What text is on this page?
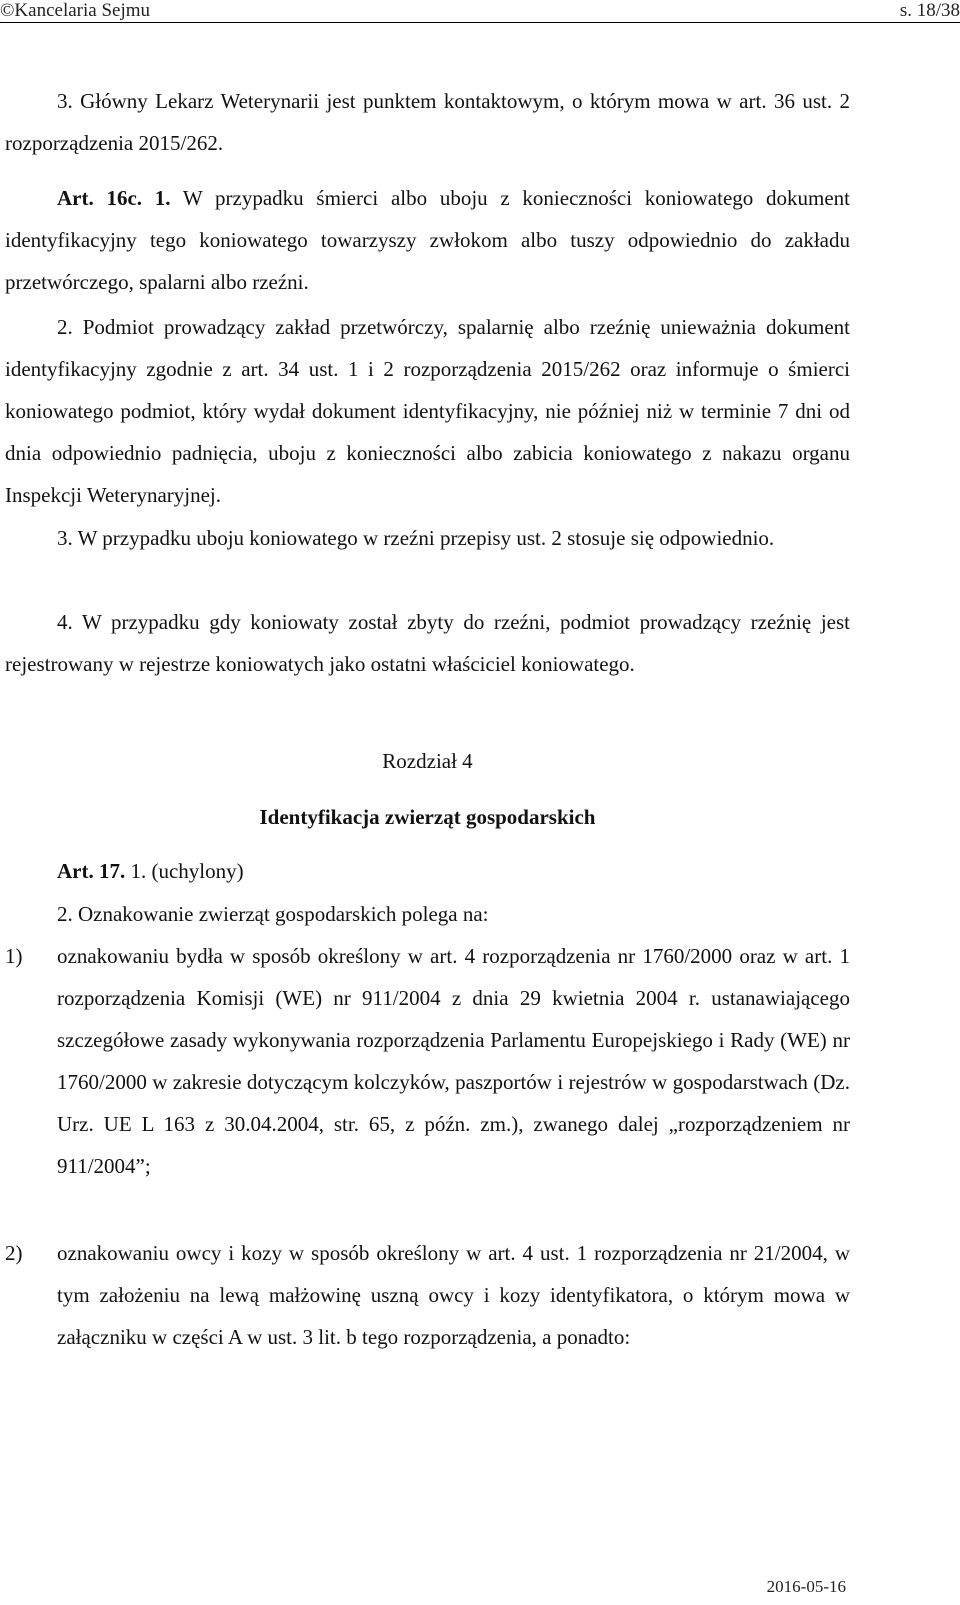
©Kancelaria Sejmu	s. 18/38

3. Główny Lekarz Weterynarii jest punktem kontaktowym, o którym mowa w art. 36 ust. 2 rozporządzenia 2015/262.

Art. 16c. 1. W przypadku śmierci albo uboju z konieczności koniowatego dokument identyfikacyjny tego koniowatego towarzyszy zwłokom albo tuszy odpowiednio do zakładu przetwórczego, spalarni albo rzeźni.

2. Podmiot prowadzący zakład przetwórczy, spalarnię albo rzeźnię unieważnia dokument identyfikacyjny zgodnie z art. 34 ust. 1 i 2 rozporządzenia 2015/262 oraz informuje o śmierci koniowatego podmiot, który wydał dokument identyfikacyjny, nie później niż w terminie 7 dni od dnia odpowiednio padnięcia, uboju z konieczności albo zabicia koniowatego z nakazu organu Inspekcji Weterynaryjnej.

3. W przypadku uboju koniowatego w rzeźni przepisy ust. 2 stosuje się odpowiednio.

4. W przypadku gdy koniowaty został zbyty do rzeźni, podmiot prowadzący rzeźnię jest rejestrowany w rejestrze koniowatych jako ostatni właściciel koniowatego.

Rozdział 4

Identyfikacja zwierząt gospodarskich

Art. 17. 1. (uchylony)

2. Oznakowanie zwierząt gospodarskich polega na:

1) oznakowaniu bydła w sposób określony w art. 4 rozporządzenia nr 1760/2000 oraz w art. 1 rozporządzenia Komisji (WE) nr 911/2004 z dnia 29 kwietnia 2004 r. ustanawiającego szczegółowe zasady wykonywania rozporządzenia Parlamentu Europejskiego i Rady (WE) nr 1760/2000 w zakresie dotyczącym kolczyków, paszportów i rejestrów w gospodarstwach (Dz. Urz. UE L 163 z 30.04.2004, str. 65, z późn. zm.), zwanego dalej „rozporządzeniem nr 911/2004”;

2) oznakowaniu owcy i kozy w sposób określony w art. 4 ust. 1 rozporządzenia nr 21/2004, w tym założeniu na lewą małżowinę uszną owcy i kozy identyfikatora, o którym mowa w załączniku w części A w ust. 3 lit. b tego rozporządzenia, a ponadto:

2016-05-16
